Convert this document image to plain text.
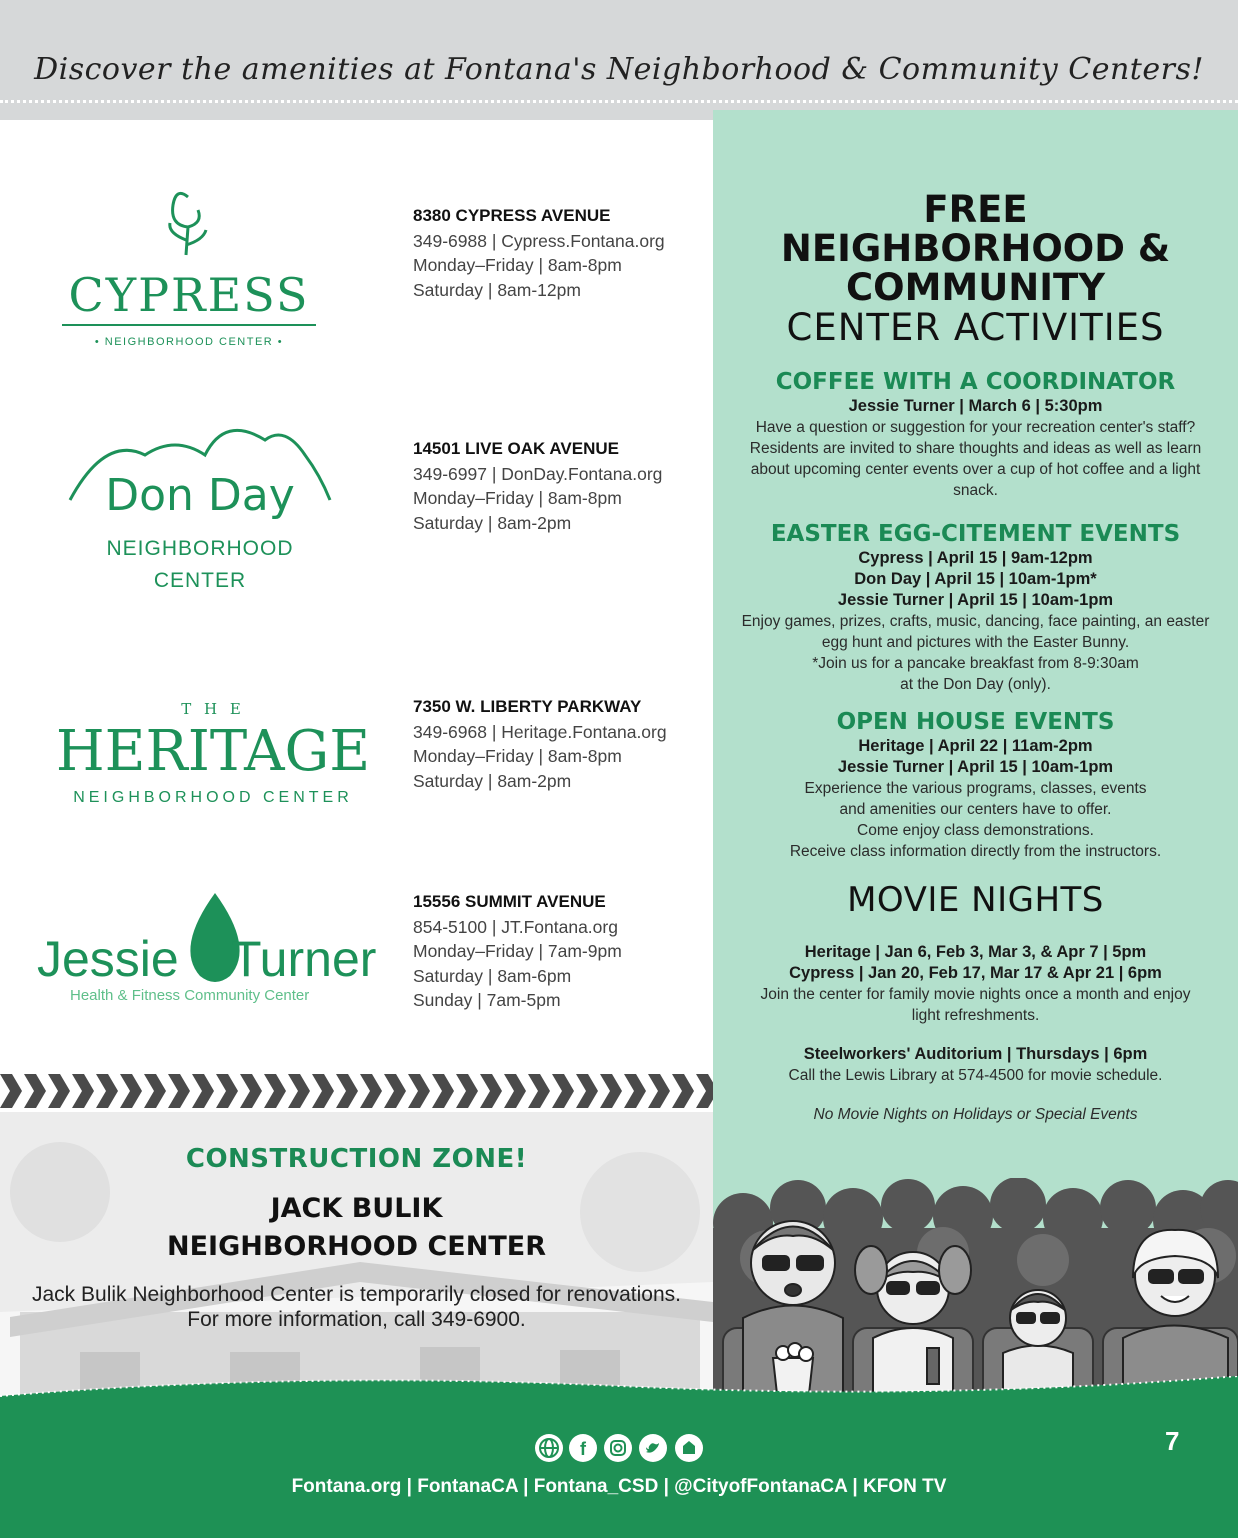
Discover the amenities at Fontana's Neighborhood & Community Centers!
FREE
NEIGHBORHOOD &
COMMUNITY
CENTER ACTIVITIES
COFFEE WITH A COORDINATOR
Jessie Turner | March 6 | 5:30pm
Have a question or suggestion for your recreation center's staff? Residents are invited to share thoughts and ideas as well as learn about upcoming center events over a cup of hot coffee and a light snack.
EASTER EGG-CITEMENT EVENTS
Cypress | April 15 | 9am-12pm
Don Day | April 15 | 10am-1pm*
Jessie Turner | April 15 | 10am-1pm
Enjoy games, prizes, crafts, music, dancing, face painting, an easter egg hunt and pictures with the Easter Bunny.
*Join us for a pancake breakfast from 8-9:30am
at the Don Day (only).
OPEN HOUSE EVENTS
Heritage | April 22 | 11am-2pm
Jessie Turner | April 15 | 10am-1pm
Experience the various programs, classes, events
and amenities our centers have to offer.
Come enjoy class demonstrations.
Receive class information directly from the instructors.
MOVIE NIGHTS
Heritage | Jan 6, Feb 3, Mar 3, & Apr 7 | 5pm
Cypress | Jan 20, Feb 17, Mar 17 & Apr 21 | 6pm
Join the center for family movie nights once a month and enjoy light refreshments.
Steelworkers' Auditorium | Thursdays | 6pm
Call the Lewis Library at 574-4500 for movie schedule.
No Movie Nights on Holidays or Special Events
CYPRESS
• NEIGHBORHOOD CENTER •
8380 CYPRESS AVENUE
349-6988 | Cypress.Fontana.org
Monday–Friday | 8am-8pm
Saturday | 8am-12pm
Don Day
NEIGHBORHOOD
CENTER
14501 LIVE OAK AVENUE
349-6997 | DonDay.Fontana.org
Monday–Friday | 8am-8pm
Saturday | 8am-2pm
T H E
HERITAGE
NEIGHBORHOOD CENTER
7350 W. LIBERTY PARKWAY
349-6968 | Heritage.Fontana.org
Monday–Friday | 8am-8pm
Saturday | 8am-2pm
Jessie Turner
Health & Fitness Community Center
15556 SUMMIT AVENUE
854-5100 | JT.Fontana.org
Monday–Friday | 7am-9pm
Saturday | 8am-6pm
Sunday | 7am-5pm
CONSTRUCTION ZONE!
JACK BULIK
NEIGHBORHOOD CENTER
Jack Bulik Neighborhood Center is temporarily closed for renovations. For more information, call 349-6900.
f
Fontana.org | FontanaCA | Fontana_CSD | @CityofFontanaCA | KFON TV
7
